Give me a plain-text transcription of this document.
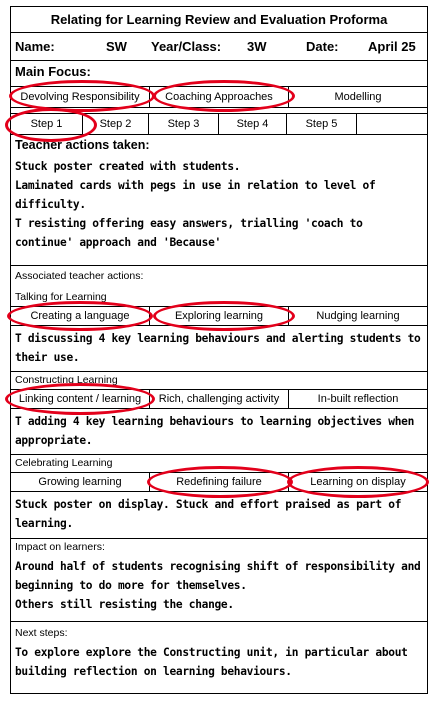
Relating for Learning Review and Evaluation Proforma
Name:	SW Year/Class: 3W	Date: April 25
Main Focus:
Devolving Responsibility	Coaching Approaches	Modelling
Step 1	Step 2	Step 3	Step 4	Step 5
Teacher actions taken:
Stuck poster created with students.
Laminated cards with pegs in use in relation to level of difficulty.
T resisting offering easy answers, trialling 'coach to continue' approach and 'Because'
Associated teacher actions:
Talking for Learning
Creating a language	Exploring learning	Nudging learning
T discussing 4 key learning behaviours and alerting students to their use.
Constructing Learning
Linking content / learning	Rich, challenging activity	In-built reflection
T adding 4 key learning behaviours to learning objectives when appropriate.
Celebrating Learning
Growing learning	Redefining failure	Learning on display
Stuck poster on display. Stuck and effort praised as part of learning.
Impact on learners:
Around half of students recognising shift of responsibility and beginning to do more for themselves.
Others still resisting the change.
Next steps:
To explore explore the Constructing unit, in particular about building reflection on learning behaviours.
